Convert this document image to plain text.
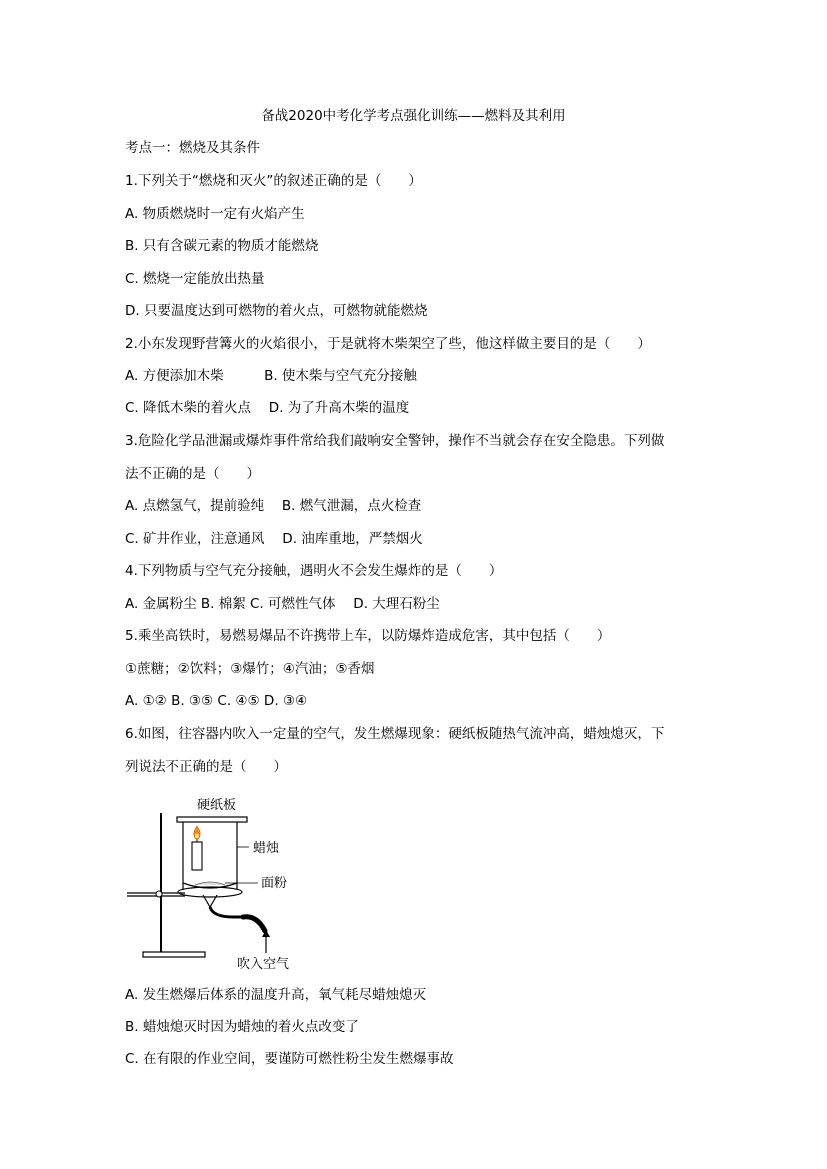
备战2020中考化学考点强化训练——燃料及其利用
考点一：燃烧及其条件
1.下列关于“燃烧和灭火”的叙述正确的是（　　）
A. 物质燃烧时一定有火焰产生
B. 只有含碳元素的物质才能燃烧
C. 燃烧一定能放出热量
D. 只要温度达到可燃物的着火点，可燃物就能燃烧
2.小东发现野营篝火的火焰很小，于是就将木柴架空了些，他这样做主要目的是（　　）
A. 方便添加木柴　　　B. 使木柴与空气充分接触
C. 降低木柴的着火点　 D. 为了升高木柴的温度
3.危险化学品泄漏或爆炸事件常给我们敲响安全警钟，操作不当就会存在安全隐患。下列做
法不正确的是（　　）
A. 点燃氢气，提前验纯　 B. 燃气泄漏，点火检查
C. 矿井作业，注意通风　 D. 油库重地，严禁烟火
4.下列物质与空气充分接触，遇明火不会发生爆炸的是（　　）
A. 金属粉尘 B. 棉絮 C. 可燃性气体　 D. 大理石粉尘
5.乘坐高铁时，易燃易爆品不许携带上车，以防爆炸造成危害，其中包括（　　）
①蔗糖；②饮料；③爆竹；④汽油；⑤香烟
A. ①② B. ③⑤ C. ④⑤ D. ③④
6.如图，往容器内吹入一定量的空气，发生燃爆现象：硬纸板随热气流冲高，蜡烛熄灭，下
列说法不正确的是（　　）
硬纸板
蜡烛
面粉
吹入空气
A. 发生燃爆后体系的温度升高，氧气耗尽蜡烛熄灭
B. 蜡烛熄灭时因为蜡烛的着火点改变了
C. 在有限的作业空间，要谨防可燃性粉尘发生燃爆事故
